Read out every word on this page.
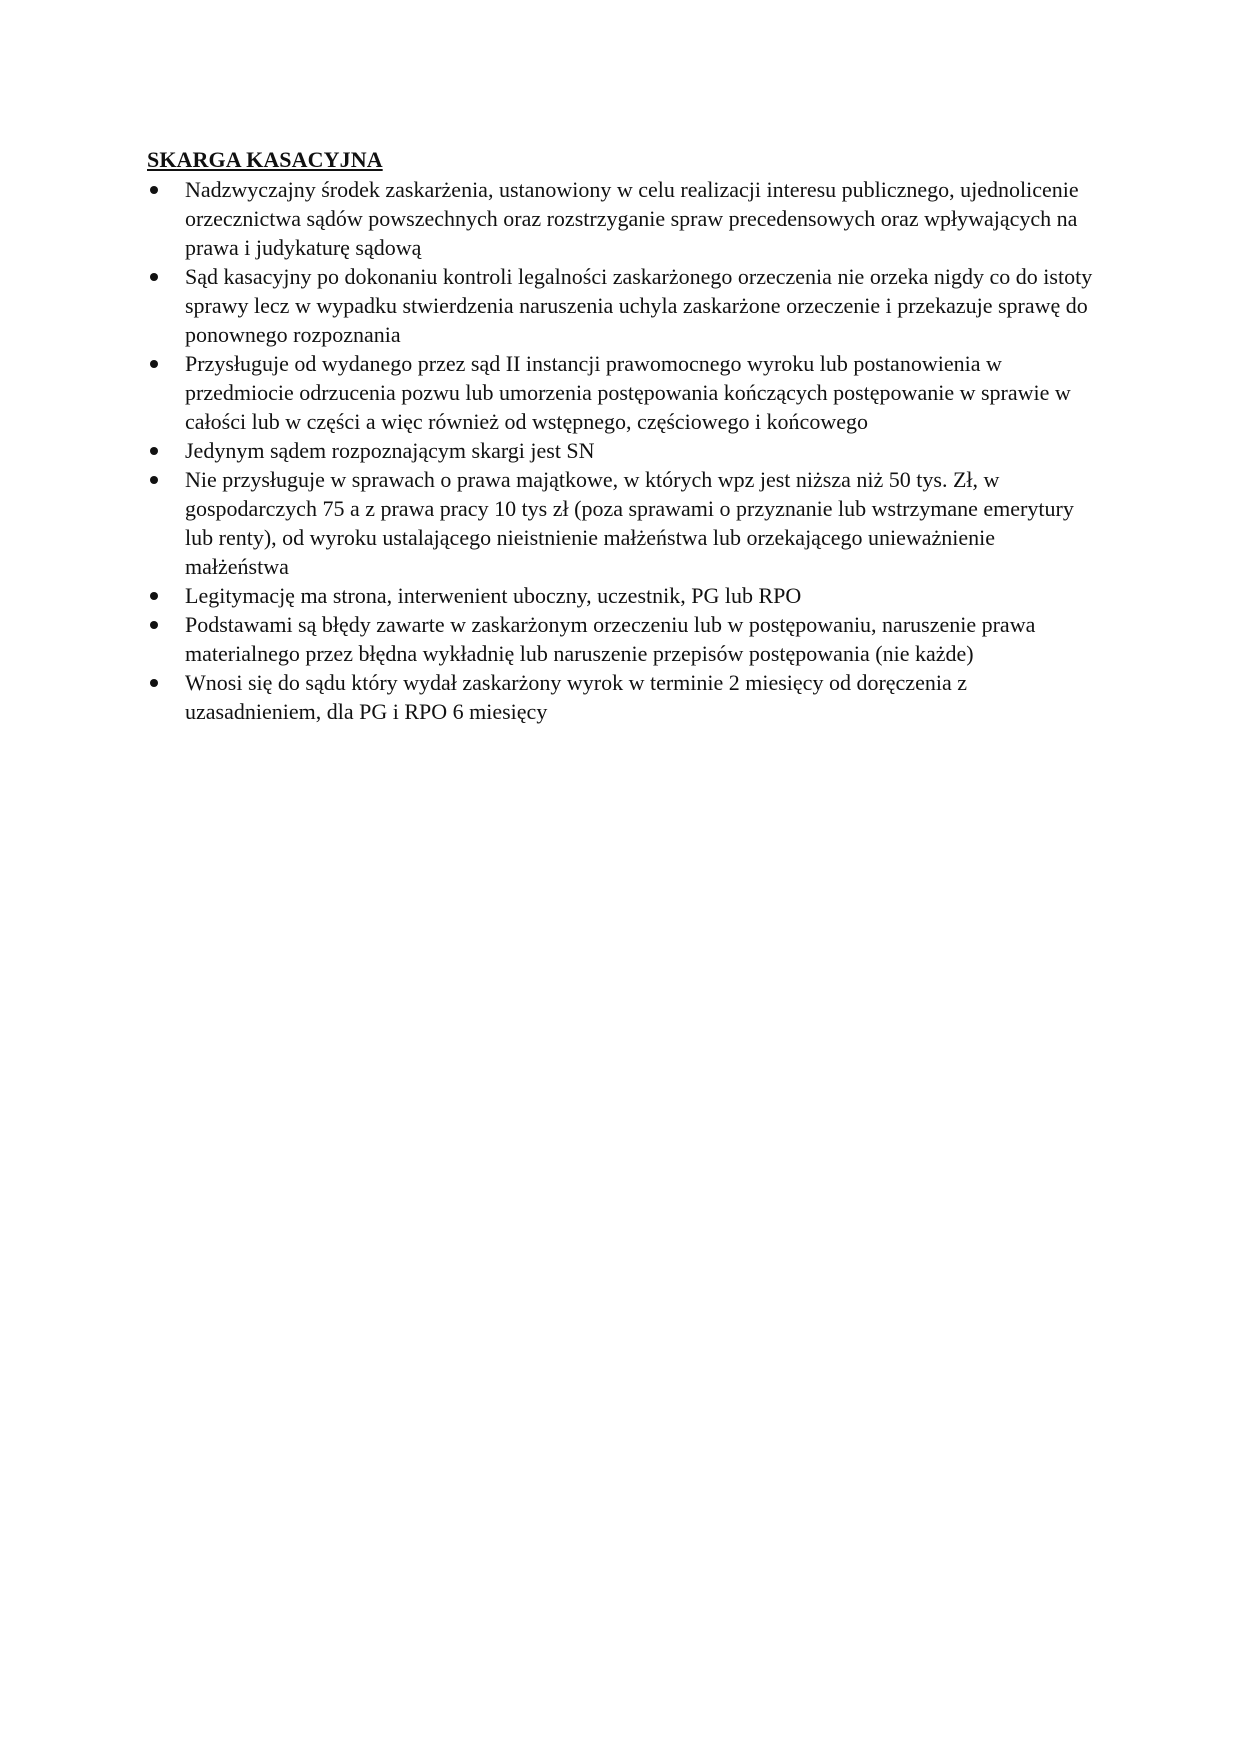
SKARGA KASACYJNA
Nadzwyczajny środek zaskarżenia, ustanowiony w celu realizacji interesu publicznego, ujednolicenie orzecznictwa sądów powszechnych oraz rozstrzyganie spraw precedensowych oraz wpływających na prawa i judykaturę sądową
Sąd kasacyjny po dokonaniu kontroli legalności zaskarżonego orzeczenia nie orzeka nigdy co do istoty sprawy lecz w wypadku stwierdzenia naruszenia uchyla zaskarżone orzeczenie i przekazuje sprawę do ponownego rozpoznania
Przysługuje od wydanego przez sąd II instancji prawomocnego wyroku lub postanowienia w przedmiocie odrzucenia pozwu lub umorzenia postępowania kończących postępowanie w sprawie w całości lub w części a więc również od wstępnego, częściowego i końcowego
Jedynym sądem rozpoznającym skargi jest SN
Nie przysługuje w sprawach o prawa majątkowe, w których wpz jest niższa niż 50 tys. Zł, w gospodarczych 75 a z prawa pracy 10 tys zł (poza sprawami o przyznanie lub wstrzymane emerytury lub renty), od wyroku ustalającego nieistnienie małżeństwa lub orzekającego unieważnienie małżeństwa
Legitymację ma strona, interwenient uboczny, uczestnik, PG lub RPO
Podstawami są błędy zawarte w zaskarżonym orzeczeniu lub w postępowaniu, naruszenie prawa materialnego przez błędna wykładnię lub naruszenie przepisów postępowania (nie każde)
Wnosi się do sądu który wydał zaskarżony wyrok w terminie 2 miesięcy od doręczenia z uzasadnieniem, dla PG i RPO 6 miesięcy
